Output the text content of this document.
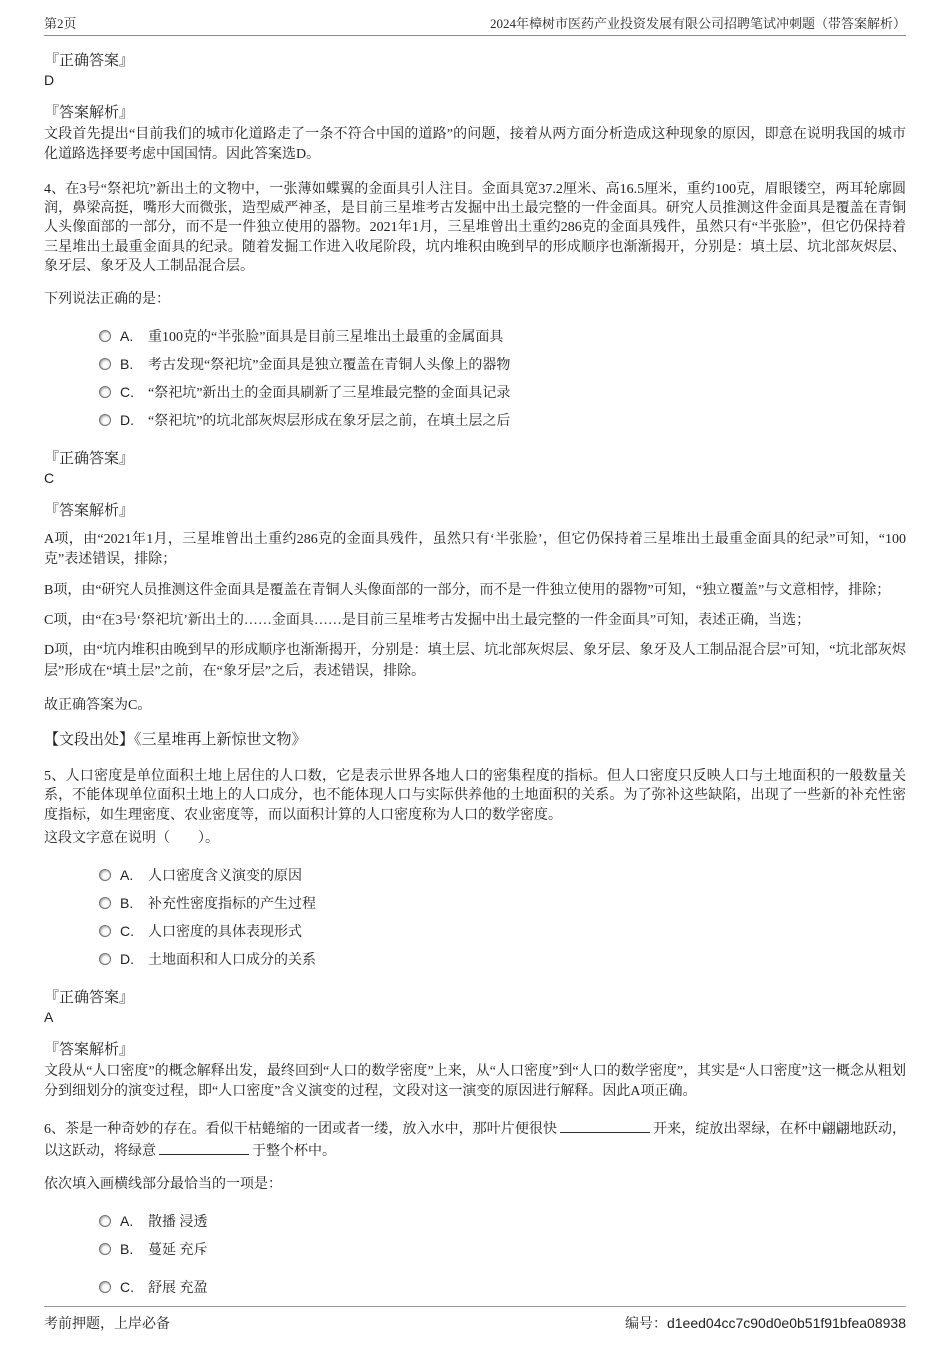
第2页	2024年樟树市医药产业投资发展有限公司招聘笔试冲刺题（带答案解析）
『正确答案』
D
『答案解析』

文段首先提出“目前我们的城市化道路走了一条不符合中国的道路”的问题，接着从两方面分析造成这种现象的原因，即意在说明我国的城市化道路选择要考虑中国国情。因此答案选D。

4、在3号“祭祀坑”新出土的文物中，一张薄如蝶翼的金面具引人注目。金面具宽37.2厘米、高16.5厘米，重约100克，眉眼镂空，两耳轮廓圆润，鼻梁高挺，嘴形大而微张，造型威严神圣，是目前三星堆考古发掘中出土最完整的一件金面具。研究人员推测这件金面具是覆盖在青铜人头像面部的一部分，而不是一件独立使用的器物。2021年1月，三星堆曾出土重约286克的金面具残件，虽然只有“半张脸”，但它仍保持着三星堆出土最重金面具的纪录。随着发掘工作进入收尾阶段，坑内堆积由晚到早的形成顺序也渐渐揭开，分别是：填土层、坑北部灰烬层、象牙层、象牙及人工制品混合层。

下列说法正确的是：

A.	重100克的“半张脸”面具是目前三星堆出土最重的金属面具
B.	考古发现“祭祀坑”金面具是独立覆盖在青铜人头像上的器物
C.	“祭祀坑”新出土的金面具刷新了三星堆最完整的金面具记录
D.	“祭祀坑”的坑北部灰烬层形成在象牙层之前，在填土层之后
『正确答案』
C
『答案解析』

A项，由“2021年1月，三星堆曾出土重约286克的金面具残件，虽然只有‘半张脸’，但它仍保持着三星堆出土最重金面具的纪录”可知，“100克”表述错误，排除；

B项，由“研究人员推测这件金面具是覆盖在青铜人头像面部的一部分，而不是一件独立使用的器物”可知，“独立覆盖”与文意相悖，排除；

C项，由“在3号‘祭祀坑’新出土的……金面具……是目前三星堆考古发掘中出土最完整的一件金面具”可知，表述正确，当选；

D项，由“坑内堆积由晚到早的形成顺序也渐渐揭开，分别是：填土层、坑北部灰烬层、象牙层、象牙及人工制品混合层”可知，“坑北部灰烬层”形成在“填土层”之前，在“象牙层”之后，表述错误，排除。

故正确答案为C。

【文段出处】《三星堆再上新惊世文物》

5、人口密度是单位面积土地上居住的人口数，它是表示世界各地人口的密集程度的指标。但人口密度只反映人口与土地面积的一般数量关系，不能体现单位面积土地上的人口成分，也不能体现人口与实际供养他的土地面积的关系。为了弥补这些缺陷，出现了一些新的补充性密度指标，如生理密度、农业密度等，而以面积计算的人口密度称为人口的数学密度。

这段文字意在说明（　　）。

A.	人口密度含义演变的原因
B.	补充性密度指标的产生过程
C.	人口密度的具体表现形式
D.	土地面积和人口成分的关系
『正确答案』
A
『答案解析』

文段从“人口密度”的概念解释出发，最终回到“人口的数学密度”上来，从“人口密度”到“人口的数学密度”，其实是“人口密度”这一概念从粗划分到细划分的演变过程，即“人口密度”含义演变的过程，文段对这一演变的原因进行解释。因此A项正确。

6、茶是一种奇妙的存在。看似干枯蜷缩的一团或者一缕，放入水中，那叶片便很快	开来，绽放出翠绿，在杯中翩翩地跃动，以这跃动，将绿意	于整个杯中。

依次填入画横线部分最恰当的一项是：

A.	散播 浸透
B.	蔓延 充斥
C.	舒展 充盈
考前押题，上岸必备	编号：d1eed04cc7c90d0e0b51f91bfea08938
